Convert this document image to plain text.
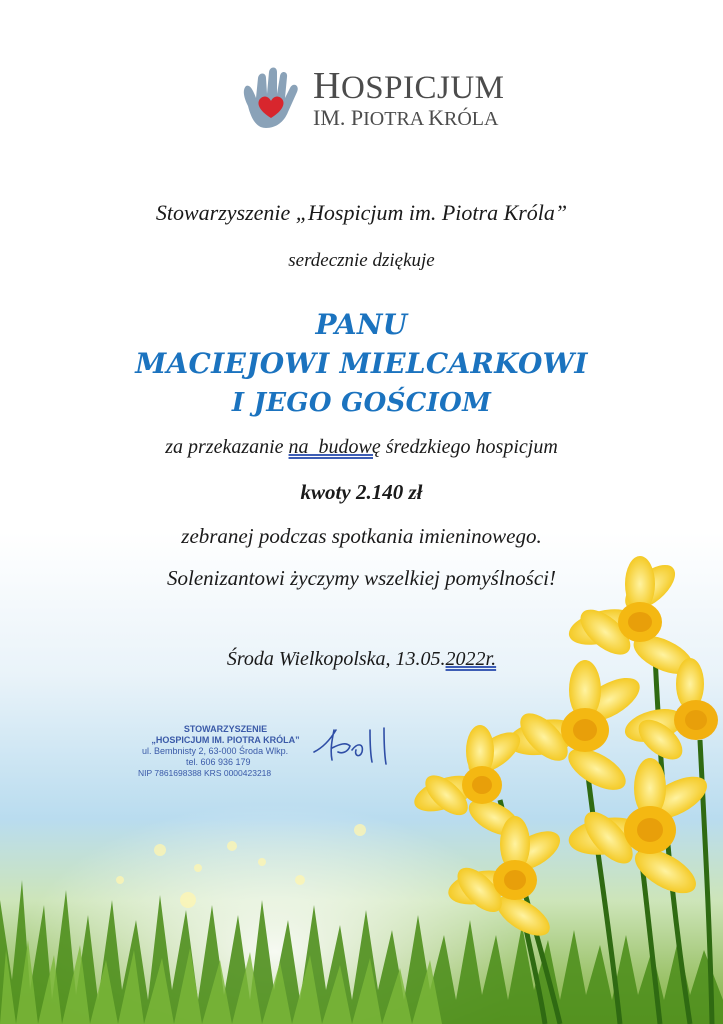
HOSPICJUM
IM. PIOTRA KRÓLA

Stowarzyszenie „Hospicjum im. Piotra Króla”

serdecznie dziękuje

PANU

MACIEJOWI MIELCARKOWI

I JEGO GOŚCIOM

za przekazanie na  budowę średzkiego hospicjum

kwoty 2.140 zł

zebranej podczas spotkania imieninowego.

Solenizantowi życzymy wszelkiej pomyślności!

Środa Wielkopolska, 13.05.2022r.

STOWARZYSZENIE
„HOSPICJUM IM. PIOTRA KRÓLA”
ul. Bembnisty 2, 63-000 Środa Wlkp.
tel. 606 936 179
NIP 7861698388 KRS 0000423218
